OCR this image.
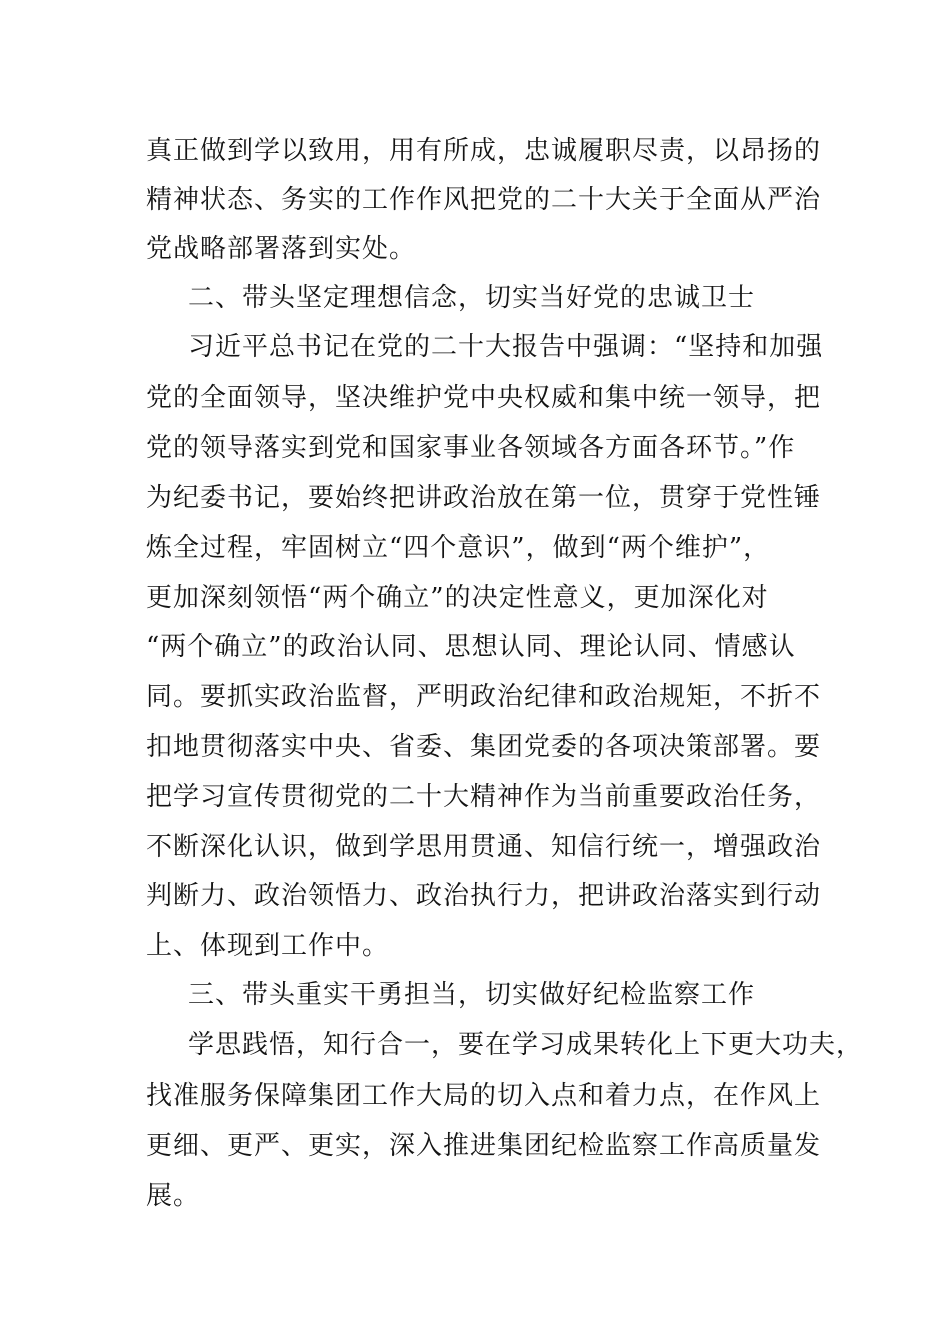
真正做到学以致用，用有所成，忠诚履职尽责，以昂扬的
精神状态、务实的工作作风把党的二十大关于全面从严治
党战略部署落到实处。
二、带头坚定理想信念，切实当好党的忠诚卫士
习近平总书记在党的二十大报告中强调：“坚持和加强
党的全面领导，坚决维护党中央权威和集中统一领导，把
党的领导落实到党和国家事业各领域各方面各环节。”作
为纪委书记，要始终把讲政治放在第一位，贯穿于党性锤
炼全过程，牢固树立“四个意识”，做到“两个维护”，
更加深刻领悟“两个确立”的决定性意义，更加深化对
“两个确立”的政治认同、思想认同、理论认同、情感认
同。要抓实政治监督，严明政治纪律和政治规矩，不折不
扣地贯彻落实中央、省委、集团党委的各项决策部署。要
把学习宣传贯彻党的二十大精神作为当前重要政治任务，
不断深化认识，做到学思用贯通、知信行统一，增强政治
判断力、政治领悟力、政治执行力，把讲政治落实到行动
上、体现到工作中。
三、带头重实干勇担当，切实做好纪检监察工作
学思践悟，知行合一，要在学习成果转化上下更大功夫，
找准服务保障集团工作大局的切入点和着力点，在作风上
更细、更严、更实，深入推进集团纪检监察工作高质量发
展。
